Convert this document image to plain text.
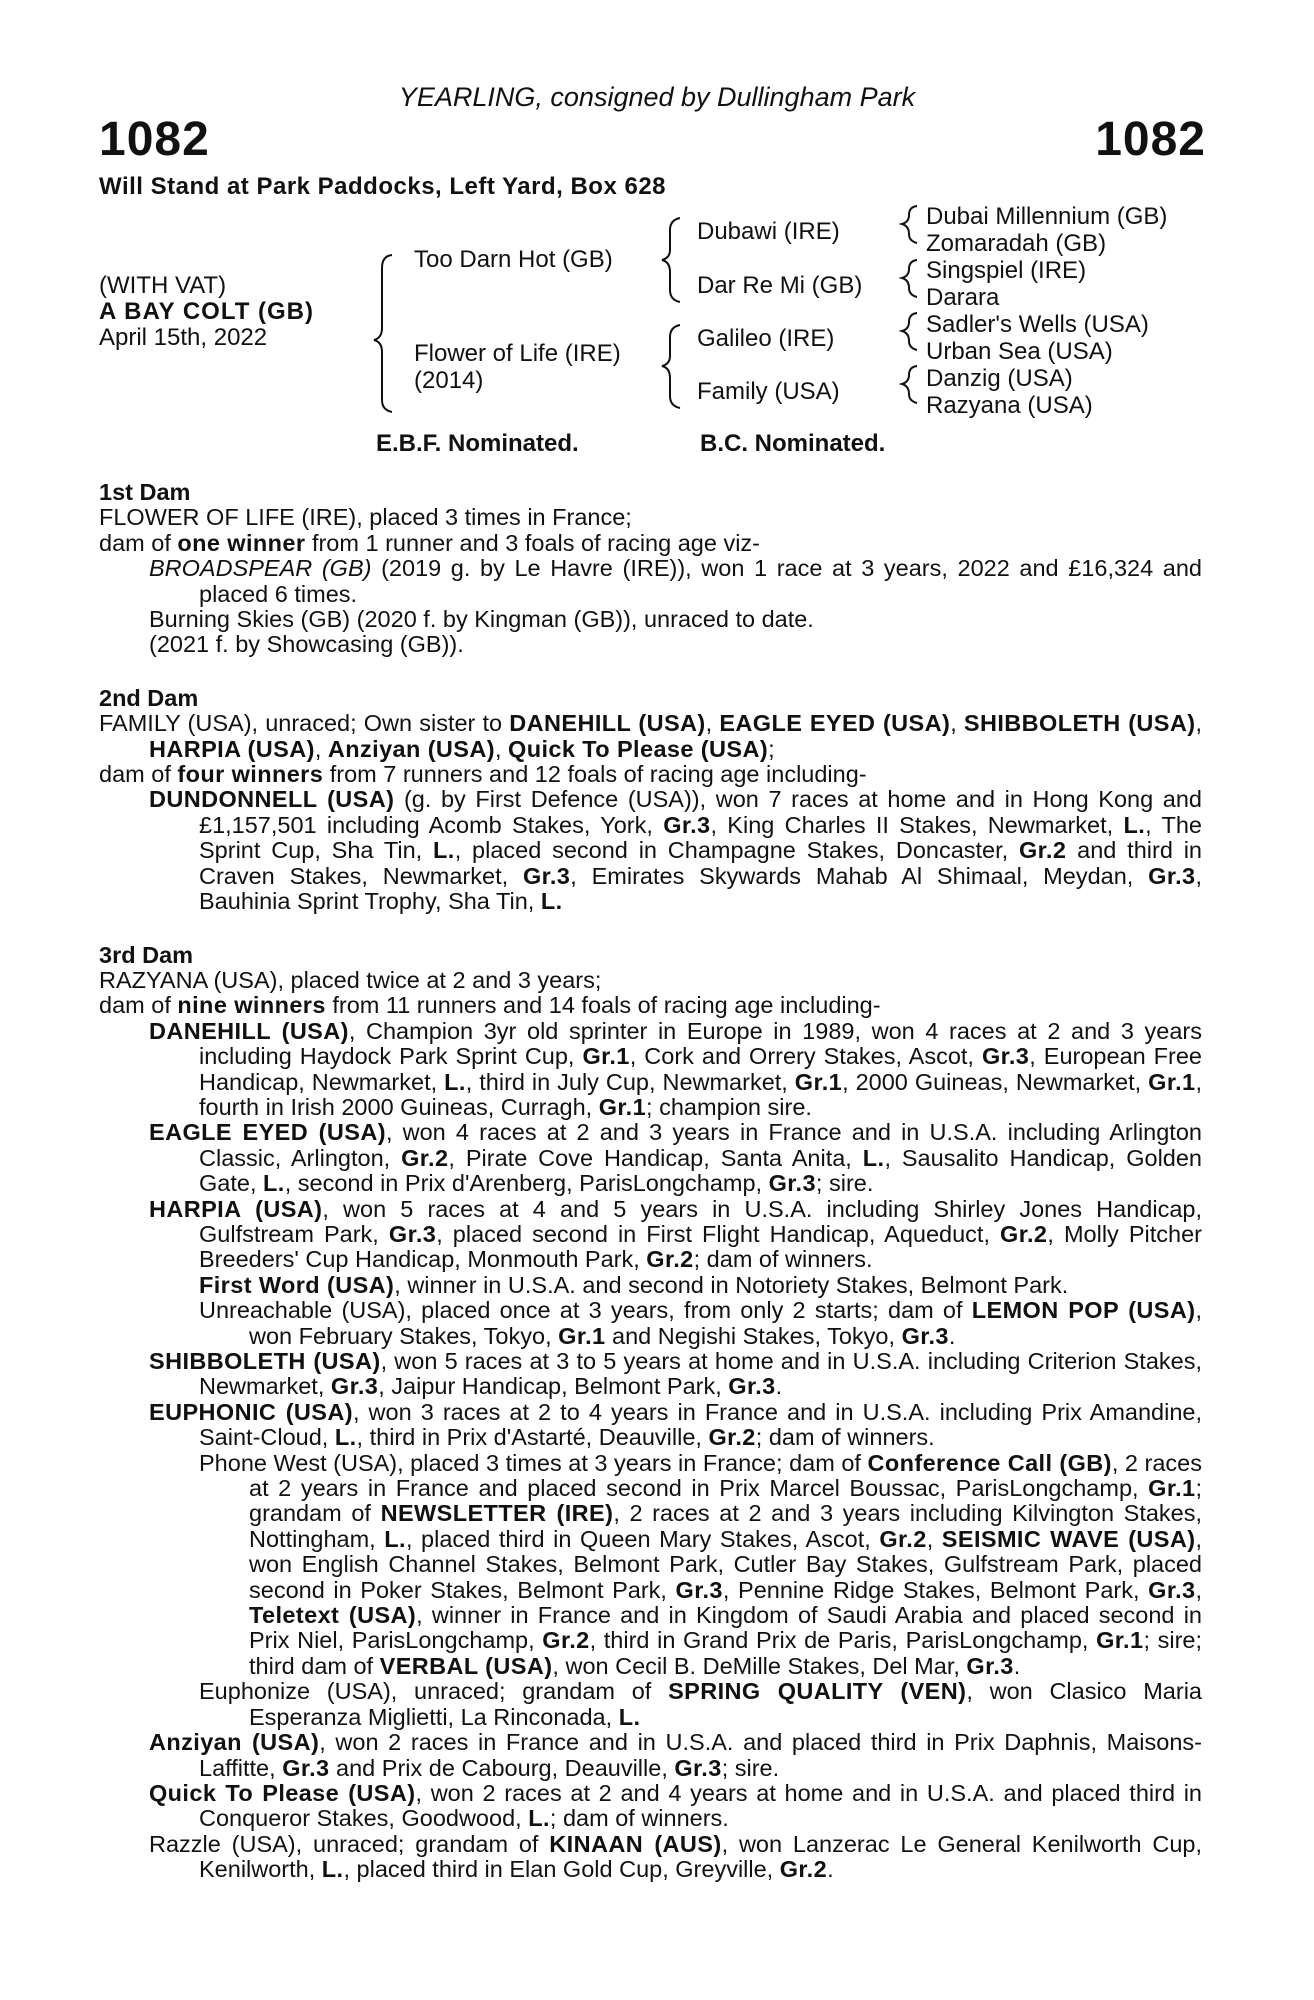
YEARLING, consigned by Dullingham Park
1082	1082
Will Stand at Park Paddocks, Left Yard, Box 628
(WITH VAT)
A BAY COLT (GB)
April 15th, 2022
Too Darn Hot (GB)
Flower of Life (IRE)
(2014)
Dubawi (IRE)
Dar Re Mi (GB)
Galileo (IRE)
Family (USA)
Dubai Millennium (GB)
Zomaradah (GB)
Singspiel (IRE)
Darara
Sadler's Wells (USA)
Urban Sea (USA)
Danzig (USA)
Razyana (USA)
E.B.F. Nominated.	B.C. Nominated.
1st Dam
FLOWER OF LIFE (IRE), placed 3 times in France;
dam of one winner from 1 runner and 3 foals of racing age viz-
BROADSPEAR (GB) (2019 g. by Le Havre (IRE)), won 1 race at 3 years, 2022 and £16,324 and placed 6 times.
Burning Skies (GB) (2020 f. by Kingman (GB)), unraced to date.
(2021 f. by Showcasing (GB)).
2nd Dam
FAMILY (USA), unraced; Own sister to DANEHILL (USA), EAGLE EYED (USA), SHIBBOLETH (USA), HARPIA (USA), Anziyan (USA), Quick To Please (USA);
dam of four winners from 7 runners and 12 foals of racing age including-
DUNDONNELL (USA) (g. by First Defence (USA)), won 7 races at home and in Hong Kong and £1,157,501 including Acomb Stakes, York, Gr.3, King Charles II Stakes, Newmarket, L., The Sprint Cup, Sha Tin, L., placed second in Champagne Stakes, Doncaster, Gr.2 and third in Craven Stakes, Newmarket, Gr.3, Emirates Skywards Mahab Al Shimaal, Meydan, Gr.3, Bauhinia Sprint Trophy, Sha Tin, L.
3rd Dam
RAZYANA (USA), placed twice at 2 and 3 years;
dam of nine winners from 11 runners and 14 foals of racing age including-
DANEHILL (USA), Champion 3yr old sprinter in Europe in 1989, won 4 races at 2 and 3 years including Haydock Park Sprint Cup, Gr.1, Cork and Orrery Stakes, Ascot, Gr.3, European Free Handicap, Newmarket, L., third in July Cup, Newmarket, Gr.1, 2000 Guineas, Newmarket, Gr.1, fourth in Irish 2000 Guineas, Curragh, Gr.1; champion sire.
EAGLE EYED (USA), won 4 races at 2 and 3 years in France and in U.S.A. including Arlington Classic, Arlington, Gr.2, Pirate Cove Handicap, Santa Anita, L., Sausalito Handicap, Golden Gate, L., second in Prix d'Arenberg, ParisLongchamp, Gr.3; sire.
HARPIA (USA), won 5 races at 4 and 5 years in U.S.A. including Shirley Jones Handicap, Gulfstream Park, Gr.3, placed second in First Flight Handicap, Aqueduct, Gr.2, Molly Pitcher Breeders' Cup Handicap, Monmouth Park, Gr.2; dam of winners.
First Word (USA), winner in U.S.A. and second in Notoriety Stakes, Belmont Park.
Unreachable (USA), placed once at 3 years, from only 2 starts; dam of LEMON POP (USA), won February Stakes, Tokyo, Gr.1 and Negishi Stakes, Tokyo, Gr.3.
SHIBBOLETH (USA), won 5 races at 3 to 5 years at home and in U.S.A. including Criterion Stakes, Newmarket, Gr.3, Jaipur Handicap, Belmont Park, Gr.3.
EUPHONIC (USA), won 3 races at 2 to 4 years in France and in U.S.A. including Prix Amandine, Saint-Cloud, L., third in Prix d'Astarté, Deauville, Gr.2; dam of winners.
Phone West (USA), placed 3 times at 3 years in France; dam of Conference Call (GB), 2 races at 2 years in France and placed second in Prix Marcel Boussac, ParisLongchamp, Gr.1; grandam of NEWSLETTER (IRE), 2 races at 2 and 3 years including Kilvington Stakes, Nottingham, L., placed third in Queen Mary Stakes, Ascot, Gr.2, SEISMIC WAVE (USA), won English Channel Stakes, Belmont Park, Cutler Bay Stakes, Gulfstream Park, placed second in Poker Stakes, Belmont Park, Gr.3, Pennine Ridge Stakes, Belmont Park, Gr.3, Teletext (USA), winner in France and in Kingdom of Saudi Arabia and placed second in Prix Niel, ParisLongchamp, Gr.2, third in Grand Prix de Paris, ParisLongchamp, Gr.1; sire; third dam of VERBAL (USA), won Cecil B. DeMille Stakes, Del Mar, Gr.3.
Euphonize (USA), unraced; grandam of SPRING QUALITY (VEN), won Clasico Maria Esperanza Miglietti, La Rinconada, L.
Anziyan (USA), won 2 races in France and in U.S.A. and placed third in Prix Daphnis, Maisons-Laffitte, Gr.3 and Prix de Cabourg, Deauville, Gr.3; sire.
Quick To Please (USA), won 2 races at 2 and 4 years at home and in U.S.A. and placed third in Conqueror Stakes, Goodwood, L.; dam of winners.
Razzle (USA), unraced; grandam of KINAAN (AUS), won Lanzerac Le General Kenilworth Cup, Kenilworth, L., placed third in Elan Gold Cup, Greyville, Gr.2.
